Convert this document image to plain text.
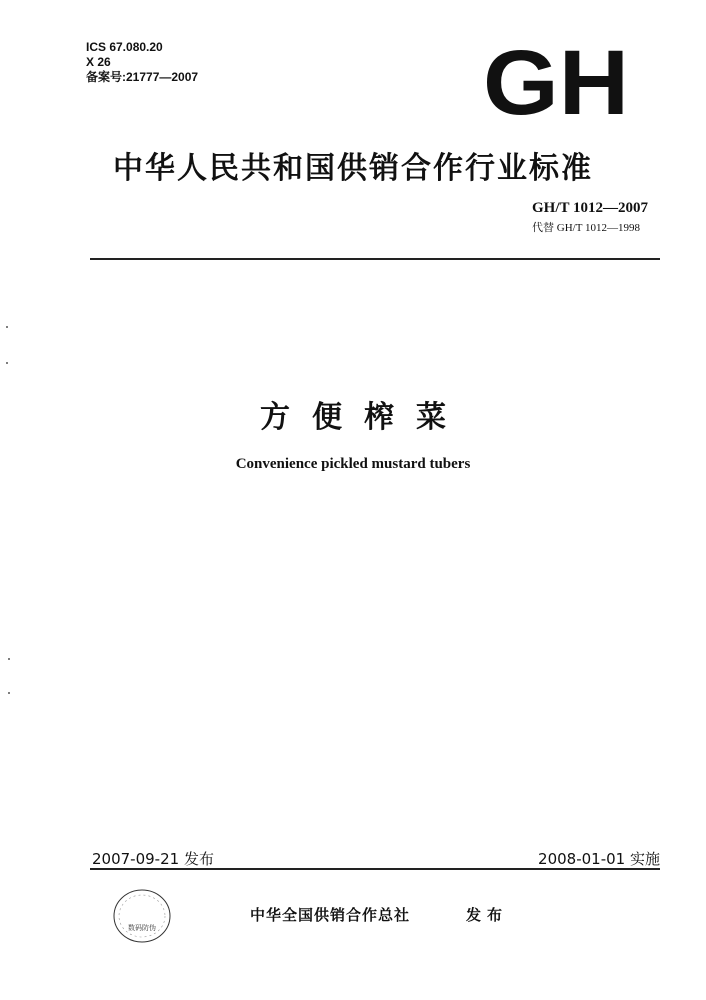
ICS 67.080.20
X 26
备案号:21777—2007	GH
中华人民共和国供销合作行业标准
GH/T 1012—2007
代替 GH/T 1012—1998
方便榨菜
Convenience pickled mustard tubers
2007-09-21 发布	2008-01-01 实施
数码防伪
中华全国供销合作总社	发布
